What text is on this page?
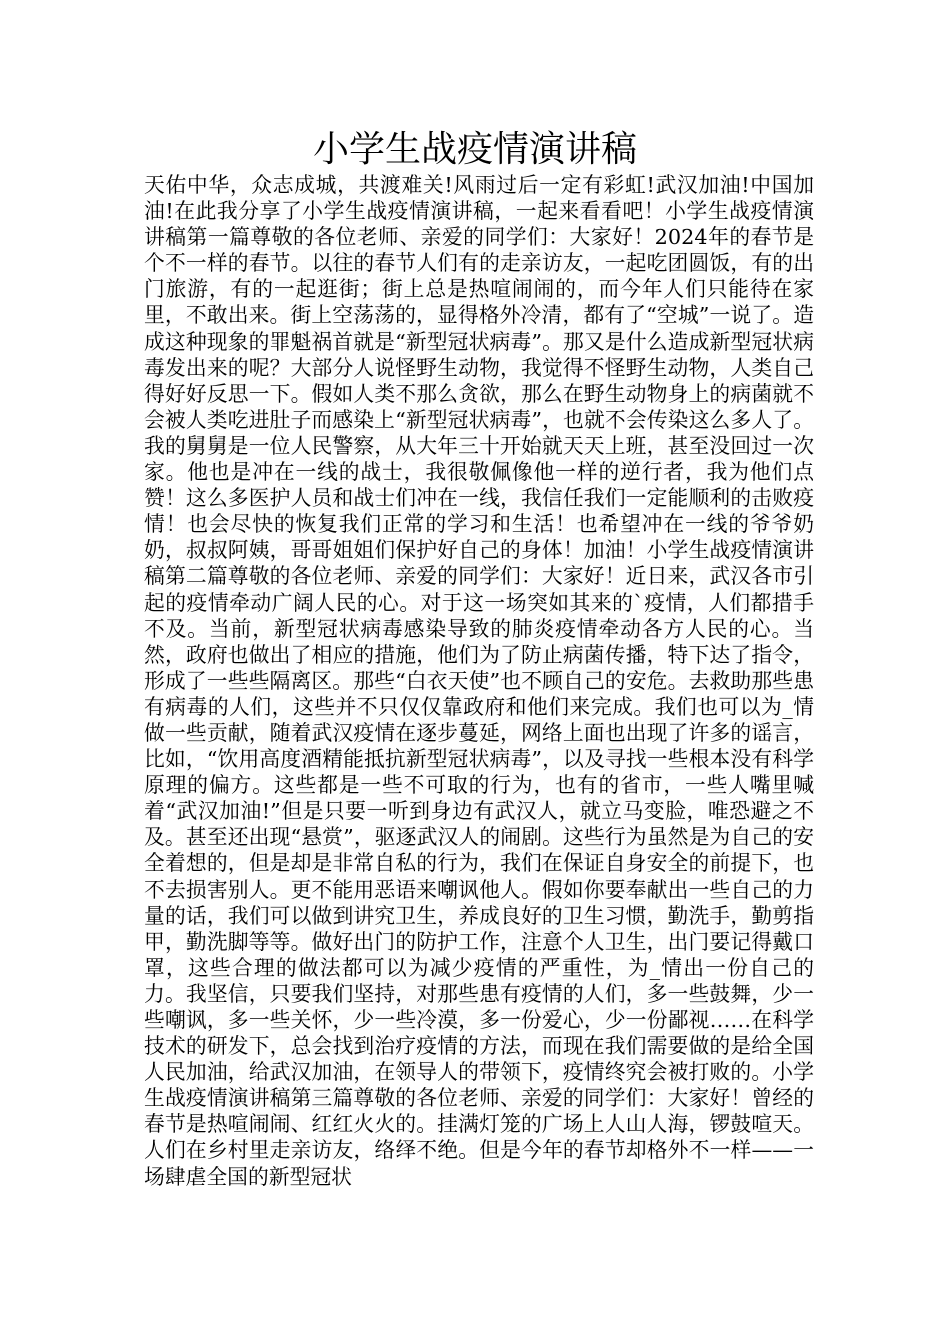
小学生战疫情演讲稿

天佑中华，众志成城，共渡难关!风雨过后一定有彩虹!武汉加油!中国加油!在此我分享了小学生战疫情演讲稿，一起来看看吧！小学生战疫情演讲稿第一篇尊敬的各位老师、亲爱的同学们：大家好！2024年的春节是个不一样的春节。以往的春节人们有的走亲访友，一起吃团圆饭，有的出门旅游，有的一起逛街；街上总是热喧闹闹的，而今年人们只能待在家里，不敢出来。街上空荡荡的，显得格外冷清，都有了“空城”一说了。造成这种现象的罪魁祸首就是“新型冠状病毒”。那又是什么造成新型冠状病毒发出来的呢？大部分人说怪野生动物，我觉得不怪野生动物，人类自己得好好反思一下。假如人类不那么贪欲，那么在野生动物身上的病菌就不会被人类吃进肚子而感染上“新型冠状病毒”，也就不会传染这么多人了。我的舅舅是一位人民警察，从大年三十开始就天天上班，甚至没回过一次家。他也是冲在一线的战士，我很敬佩像他一样的逆行者，我为他们点赞！这么多医护人员和战士们冲在一线，我信任我们一定能顺利的击败疫情！也会尽快的恢复我们正常的学习和生活！也希望冲在一线的爷爷奶奶，叔叔阿姨，哥哥姐姐们保护好自己的身体！加油！小学生战疫情演讲稿第二篇尊敬的各位老师、亲爱的同学们：大家好！近日来，武汉各市引起的疫情牵动广阔人民的心。对于这一场突如其来的`疫情，人们都措手不及。当前，新型冠状病毒感染导致的肺炎疫情牵动各方人民的心。当然，政府也做出了相应的措施，他们为了防止病菌传播，特下达了指令，形成了一些些隔离区。那些“白衣天使”也不顾自己的安危。去救助那些患有病毒的人们，这些并不只仅仅靠政府和他们来完成。我们也可以为_情做一些贡献，随着武汉疫情在逐步蔓延，网络上面也出现了许多的谣言，比如，“饮用高度酒精能抵抗新型冠状病毒”，以及寻找一些根本没有科学原理的偏方。这些都是一些不可取的行为，也有的省市，一些人嘴里喊着“武汉加油!”但是只要一听到身边有武汉人，就立马变脸，唯恐避之不及。甚至还出现“悬赏”，驱逐武汉人的闹剧。这些行为虽然是为自己的安全着想的，但是却是非常自私的行为，我们在保证自身安全的前提下，也不去损害别人。更不能用恶语来嘲讽他人。假如你要奉献出一些自己的力量的话，我们可以做到讲究卫生，养成良好的卫生习惯，勤洗手，勤剪指甲，勤洗脚等等。做好出门的防护工作，注意个人卫生，出门要记得戴口罩，这些合理的做法都可以为减少疫情的严重性，为_情出一份自己的力。我坚信，只要我们坚持，对那些患有疫情的人们，多一些鼓舞，少一些嘲讽，多一些关怀，少一些冷漠，多一份爱心，少一份鄙视……在科学技术的研发下，总会找到治疗疫情的方法，而现在我们需要做的是给全国人民加油，给武汉加油，在领导人的带领下，疫情终究会被打败的。小学生战疫情演讲稿第三篇尊敬的各位老师、亲爱的同学们：大家好！曾经的春节是热喧闹闹、红红火火的。挂满灯笼的广场上人山人海，锣鼓喧天。人们在乡村里走亲访友，络绎不绝。但是今年的春节却格外不一样——一场肆虐全国的新型冠状
